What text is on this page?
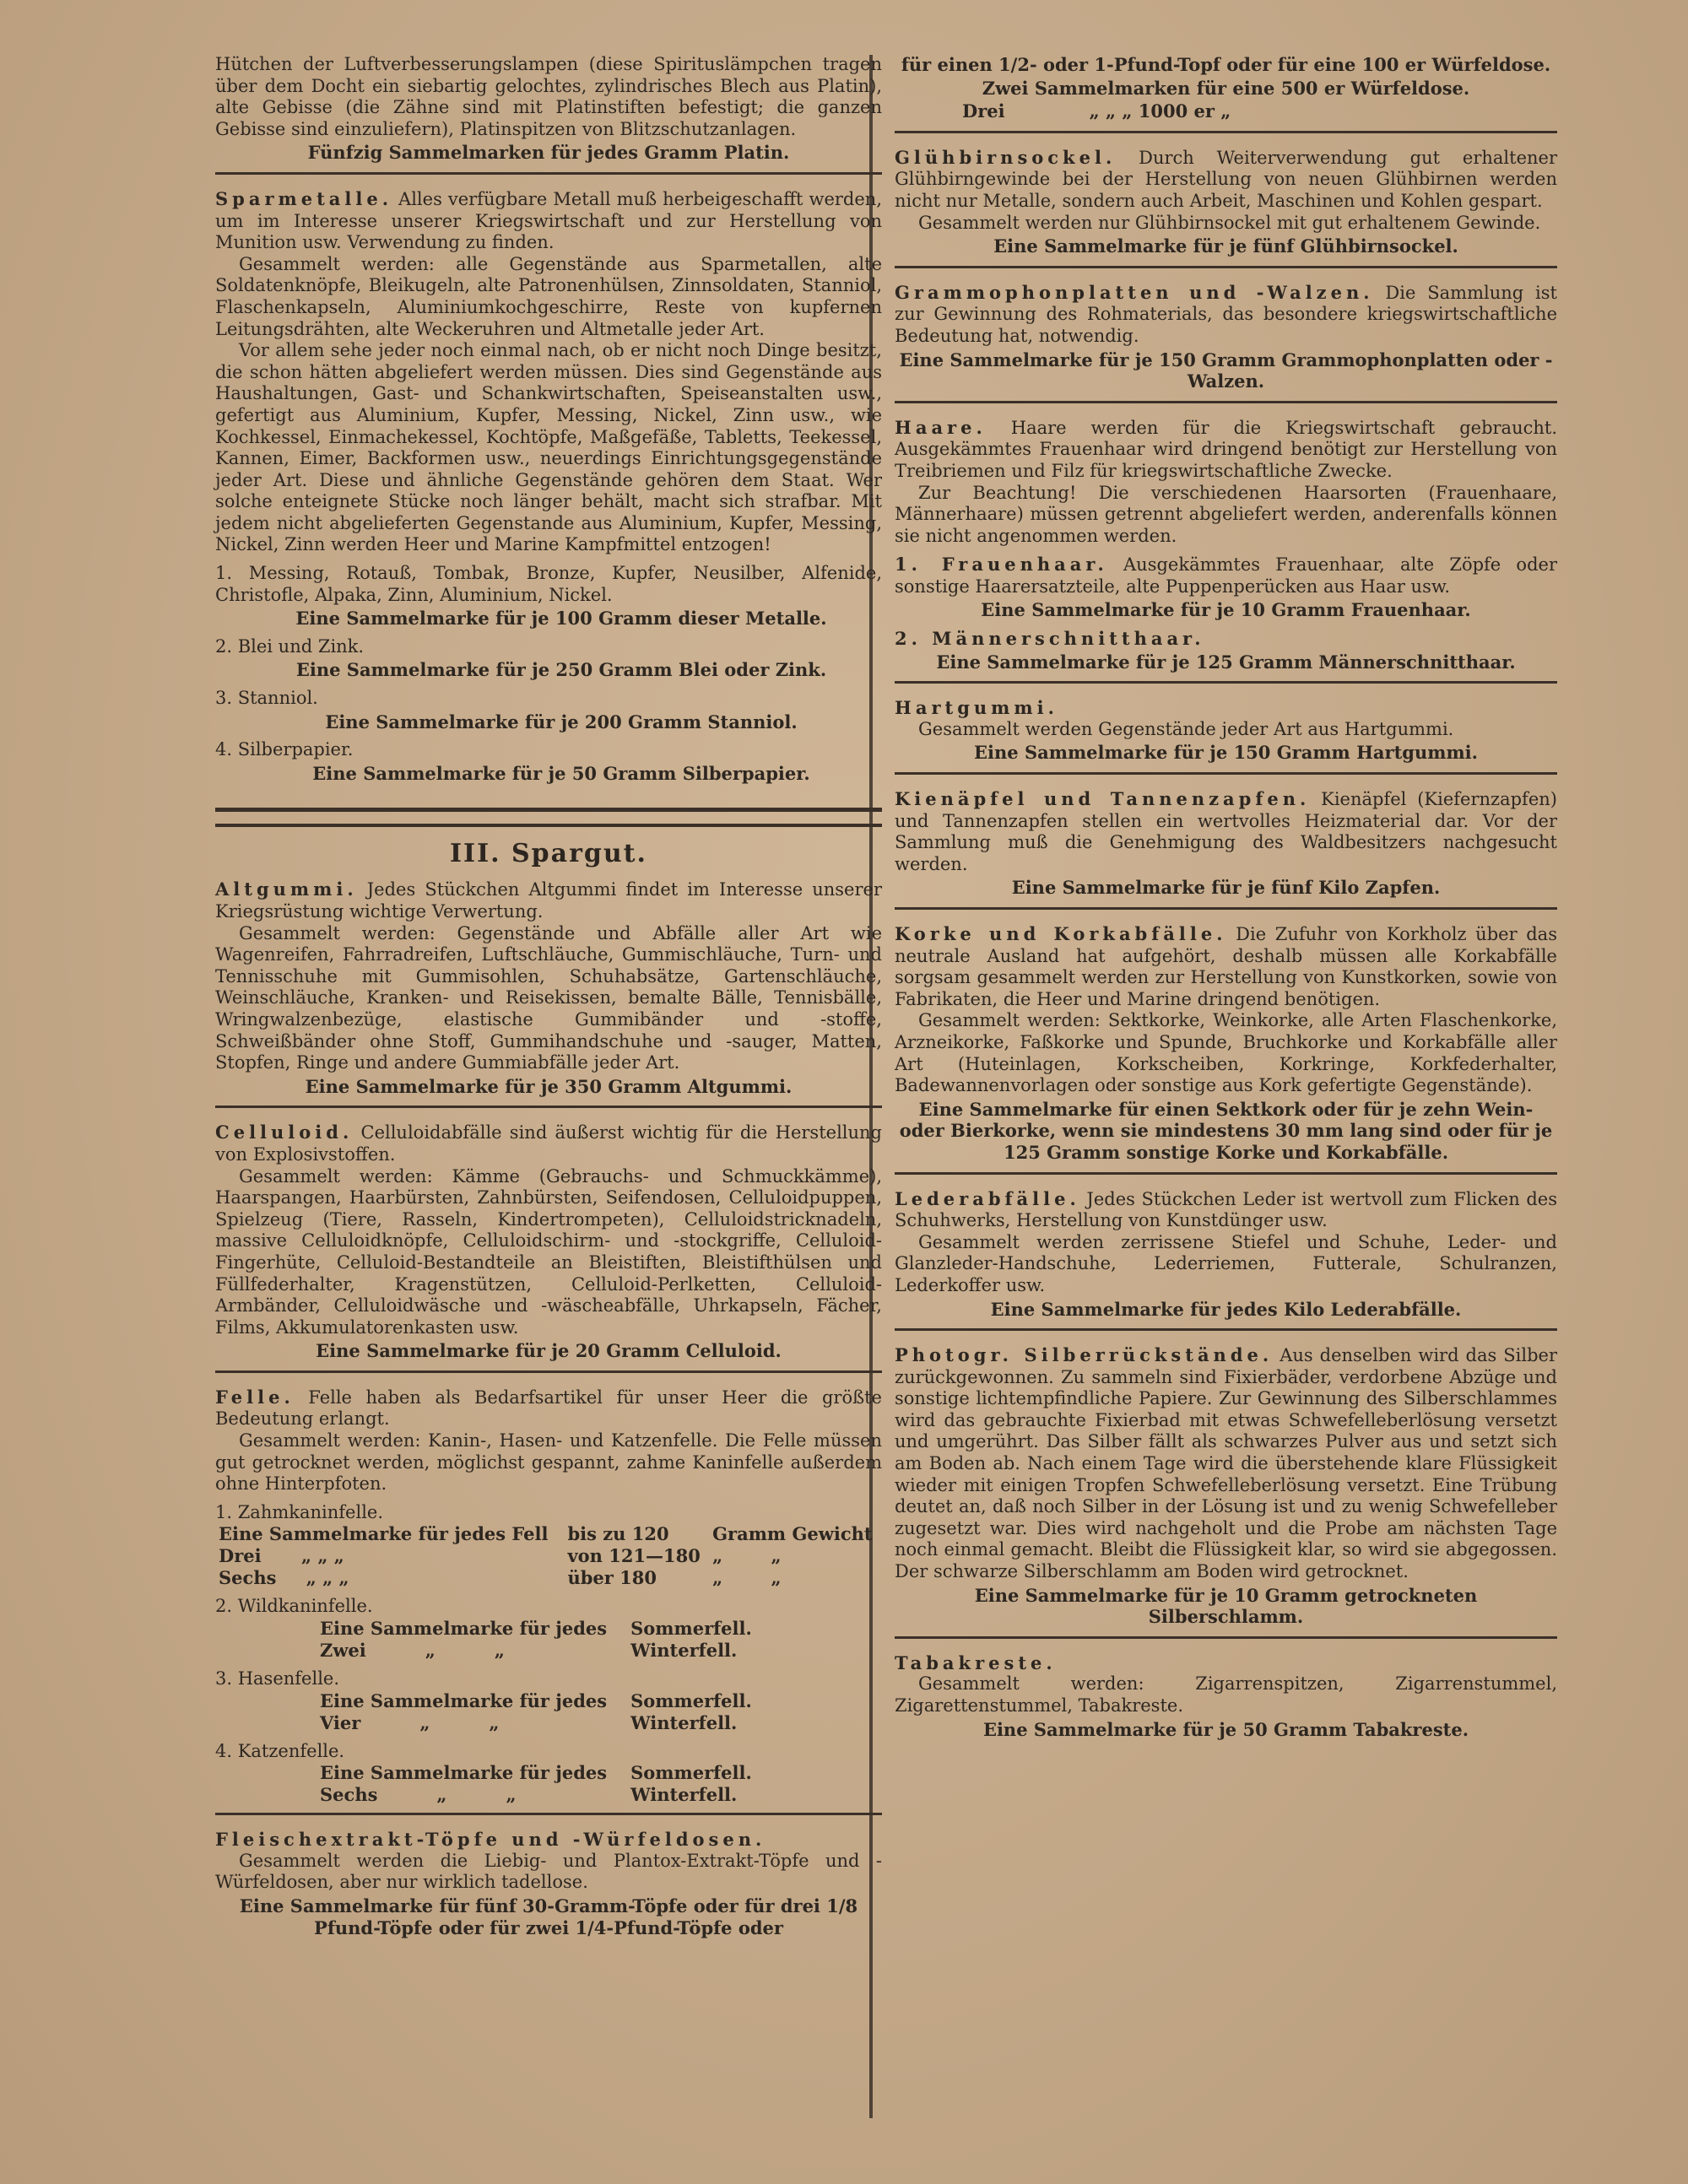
Hütchen der Luftverbesserungslampen (diese Spirituslämpchen tragen über dem Docht ein siebartig gelochtes, zylindrisches Blech aus Platin), alte Gebisse (die Zähne sind mit Platinstiften befestigt; die ganzen Gebisse sind einzuliefern), Platinspitzen von Blitzschutzanlagen.

Fünfzig Sammelmarken für jedes Gramm Platin.

Sparmetalle. Alles verfügbare Metall muß herbeigeschafft werden, um im Interesse unserer Kriegswirtschaft und zur Herstellung von Munition usw. Verwendung zu finden.

Gesammelt werden: alle Gegenstände aus Sparmetallen, alte Soldatenknöpfe, Bleikugeln, alte Patronenhülsen, Zinnsoldaten, Stanniol, Flaschenkapseln, Aluminiumkochgeschirre, Reste von kupfernen Leitungsdrähten, alte Weckeruhren und Altmetalle jeder Art.

Vor allem sehe jeder noch einmal nach, ob er nicht noch Dinge besitzt, die schon hätten abgeliefert werden müssen. Dies sind Gegenstände aus Haushaltungen, Gast- und Schankwirtschaften, Speiseanstalten usw., gefertigt aus Aluminium, Kupfer, Messing, Nickel, Zinn usw., wie Kochkessel, Einmachekessel, Kochtöpfe, Maßgefäße, Tabletts, Teekessel, Kannen, Eimer, Backformen usw., neuerdings Einrichtungsgegenstände jeder Art. Diese und ähnliche Gegenstände gehören dem Staat. Wer solche enteignete Stücke noch länger behält, macht sich strafbar. Mit jedem nicht abgelieferten Gegenstande aus Aluminium, Kupfer, Messing, Nickel, Zinn werden Heer und Marine Kampfmittel entzogen!

1. Messing, Rotauß, Tombak, Bronze, Kupfer, Neusilber, Alfenide, Christofle, Alpaka, Zinn, Aluminium, Nickel.

Eine Sammelmarke für je 100 Gramm dieser Metalle.

2. Blei und Zink.

Eine Sammelmarke für je 250 Gramm Blei oder Zink.

3. Stanniol.

Eine Sammelmarke für je 200 Gramm Stanniol.

4. Silberpapier.

Eine Sammelmarke für je 50 Gramm Silberpapier.
III. Spargut.

Altgummi. Jedes Stückchen Altgummi findet im Interesse unserer Kriegsrüstung wichtige Verwertung.

Gesammelt werden: Gegenstände und Abfälle aller Art wie Wagenreifen, Fahrradreifen, Luftschläuche, Gummischläuche, Turn- und Tennisschuhe mit Gummisohlen, Schuhabsätze, Gartenschläuche, Weinschläuche, Kranken- und Reisekissen, bemalte Bälle, Tennisbälle, Wringwalzenbezüge, elastische Gummibänder und -stoffe, Schweißbänder ohne Stoff, Gummihandschuhe und -sauger, Matten, Stopfen, Ringe und andere Gummiabfälle jeder Art.

Eine Sammelmarke für je 350 Gramm Altgummi.

Celluloid. Celluloidabfälle sind äußerst wichtig für die Herstellung von Explosivstoffen.

Gesammelt werden: Kämme (Gebrauchs- und Schmuckkämme), Haarspangen, Haarbürsten, Zahnbürsten, Seifendosen, Celluloidpuppen, Spielzeug (Tiere, Rasseln, Kindertrompeten), Celluloidstricknadeln, massive Celluloidknöpfe, Celluloidschirm- und -stockgriffe, Celluloid-Fingerhüte, Celluloid-Bestandteile an Bleistiften, Bleistifthülsen und Füllfederhalter, Kragenstützen, Celluloid-Perlketten, Celluloid-Armbänder, Celluloidwäsche und -wäscheabfälle, Uhrkapseln, Fächer, Films, Akkumulatorenkasten usw.

Eine Sammelmarke für je 20 Gramm Celluloid.

Felle. Felle haben als Bedarfsartikel für unser Heer die größte Bedeutung erlangt.

Gesammelt werden: Kanin-, Hasen- und Katzenfelle. Die Felle müssen gut getrocknet werden, möglichst gespannt, zahme Kaninfelle außerdem ohne Hinterpfoten.

1. Zahmkaninfelle.

Eine Sammelmarke für jedes Fell	bis zu 120	Gramm Gewicht
Drei „ „ „	von 121—180	„ „
Sechs „ „ „	über 180	„ „

2. Wildkaninfelle.

Eine Sammelmarke für jedes	Sommerfell.
Zwei „ „	Winterfell.

3. Hasenfelle.

Eine Sammelmarke für jedes	Sommerfell.
Vier „ „	Winterfell.

4. Katzenfelle.

Eine Sammelmarke für jedes	Sommerfell.
Sechs „ „	Winterfell.

Fleischextrakt-Töpfe und -Würfeldosen.

Gesammelt werden die Liebig- und Plantox-Extrakt-Töpfe und -Würfeldosen, aber nur wirklich tadellose.

Eine Sammelmarke für fünf 30-Gramm-Töpfe oder für drei 1/8 Pfund-Töpfe oder für zwei 1/4-Pfund-Töpfe oder
für einen 1/2- oder 1-Pfund-Topf oder für eine 100 er Würfeldose.
Zwei Sammelmarken für eine 500 er Würfeldose.
Drei	„ „ „ 1000 er „

Glühbirnsockel. Durch Weiterverwendung gut erhaltener Glühbirngewinde bei der Herstellung von neuen Glühbirnen werden nicht nur Metalle, sondern auch Arbeit, Maschinen und Kohlen gespart.

Gesammelt werden nur Glühbirnsockel mit gut erhaltenem Gewinde.

Eine Sammelmarke für je fünf Glühbirnsockel.

Grammophonplatten und -Walzen. Die Sammlung ist zur Gewinnung des Rohmaterials, das besondere kriegswirtschaftliche Bedeutung hat, notwendig.

Eine Sammelmarke für je 150 Gramm Grammophonplatten oder -Walzen.

Haare. Haare werden für die Kriegswirtschaft gebraucht. Ausgekämmtes Frauenhaar wird dringend benötigt zur Herstellung von Treibriemen und Filz für kriegswirtschaftliche Zwecke.

Zur Beachtung! Die verschiedenen Haarsorten (Frauenhaare, Männerhaare) müssen getrennt abgeliefert werden, anderenfalls können sie nicht angenommen werden.

1. Frauenhaar. Ausgekämmtes Frauenhaar, alte Zöpfe oder sonstige Haarersatzteile, alte Puppenperücken aus Haar usw.

Eine Sammelmarke für je 10 Gramm Frauenhaar.

2. Männerschnitthaar.

Eine Sammelmarke für je 125 Gramm Männerschnitthaar.

Hartgummi.

Gesammelt werden Gegenstände jeder Art aus Hartgummi.

Eine Sammelmarke für je 150 Gramm Hartgummi.

Kienäpfel und Tannenzapfen. Kienäpfel (Kiefernzapfen) und Tannenzapfen stellen ein wertvolles Heizmaterial dar. Vor der Sammlung muß die Genehmigung des Waldbesitzers nachgesucht werden.

Eine Sammelmarke für je fünf Kilo Zapfen.

Korke und Korkabfälle. Die Zufuhr von Korkholz über das neutrale Ausland hat aufgehört, deshalb müssen alle Korkabfälle sorgsam gesammelt werden zur Herstellung von Kunstkorken, sowie von Fabrikaten, die Heer und Marine dringend benötigen.

Gesammelt werden: Sektkorke, Weinkorke, alle Arten Flaschenkorke, Arzneikorke, Faßkorke und Spunde, Bruchkorke und Korkabfälle aller Art (Huteinlagen, Korkscheiben, Korkringe, Korkfederhalter, Badewannenvorlagen oder sonstige aus Kork gefertigte Gegenstände).

Eine Sammelmarke für einen Sektkork oder für je zehn Wein- oder Bierkorke, wenn sie mindestens 30 mm lang sind oder für je 125 Gramm sonstige Korke und Korkabfälle.

Lederabfälle. Jedes Stückchen Leder ist wertvoll zum Flicken des Schuhwerks, Herstellung von Kunstdünger usw.

Gesammelt werden zerrissene Stiefel und Schuhe, Leder- und Glanzleder-Handschuhe, Lederriemen, Futterale, Schulranzen, Lederkoffer usw.

Eine Sammelmarke für jedes Kilo Lederabfälle.

Photogr. Silberrückstände. Aus denselben wird das Silber zurückgewonnen. Zu sammeln sind Fixierbäder, verdorbene Abzüge und sonstige lichtempfindliche Papiere. Zur Gewinnung des Silberschlammes wird das gebrauchte Fixierbad mit etwas Schwefelleberlösung versetzt und umgerührt. Das Silber fällt als schwarzes Pulver aus und setzt sich am Boden ab. Nach einem Tage wird die überstehende klare Flüssigkeit wieder mit einigen Tropfen Schwefelleberlösung versetzt. Eine Trübung deutet an, daß noch Silber in der Lösung ist und zu wenig Schwefelleber zugesetzt war. Dies wird nachgeholt und die Probe am nächsten Tage noch einmal gemacht. Bleibt die Flüssigkeit klar, so wird sie abgegossen. Der schwarze Silberschlamm am Boden wird getrocknet.

Eine Sammelmarke für je 10 Gramm getrockneten Silberschlamm.

Tabakreste.

Gesammelt werden: Zigarrenspitzen, Zigarrenstummel, Zigarettenstummel, Tabakreste.

Eine Sammelmarke für je 50 Gramm Tabakreste.
